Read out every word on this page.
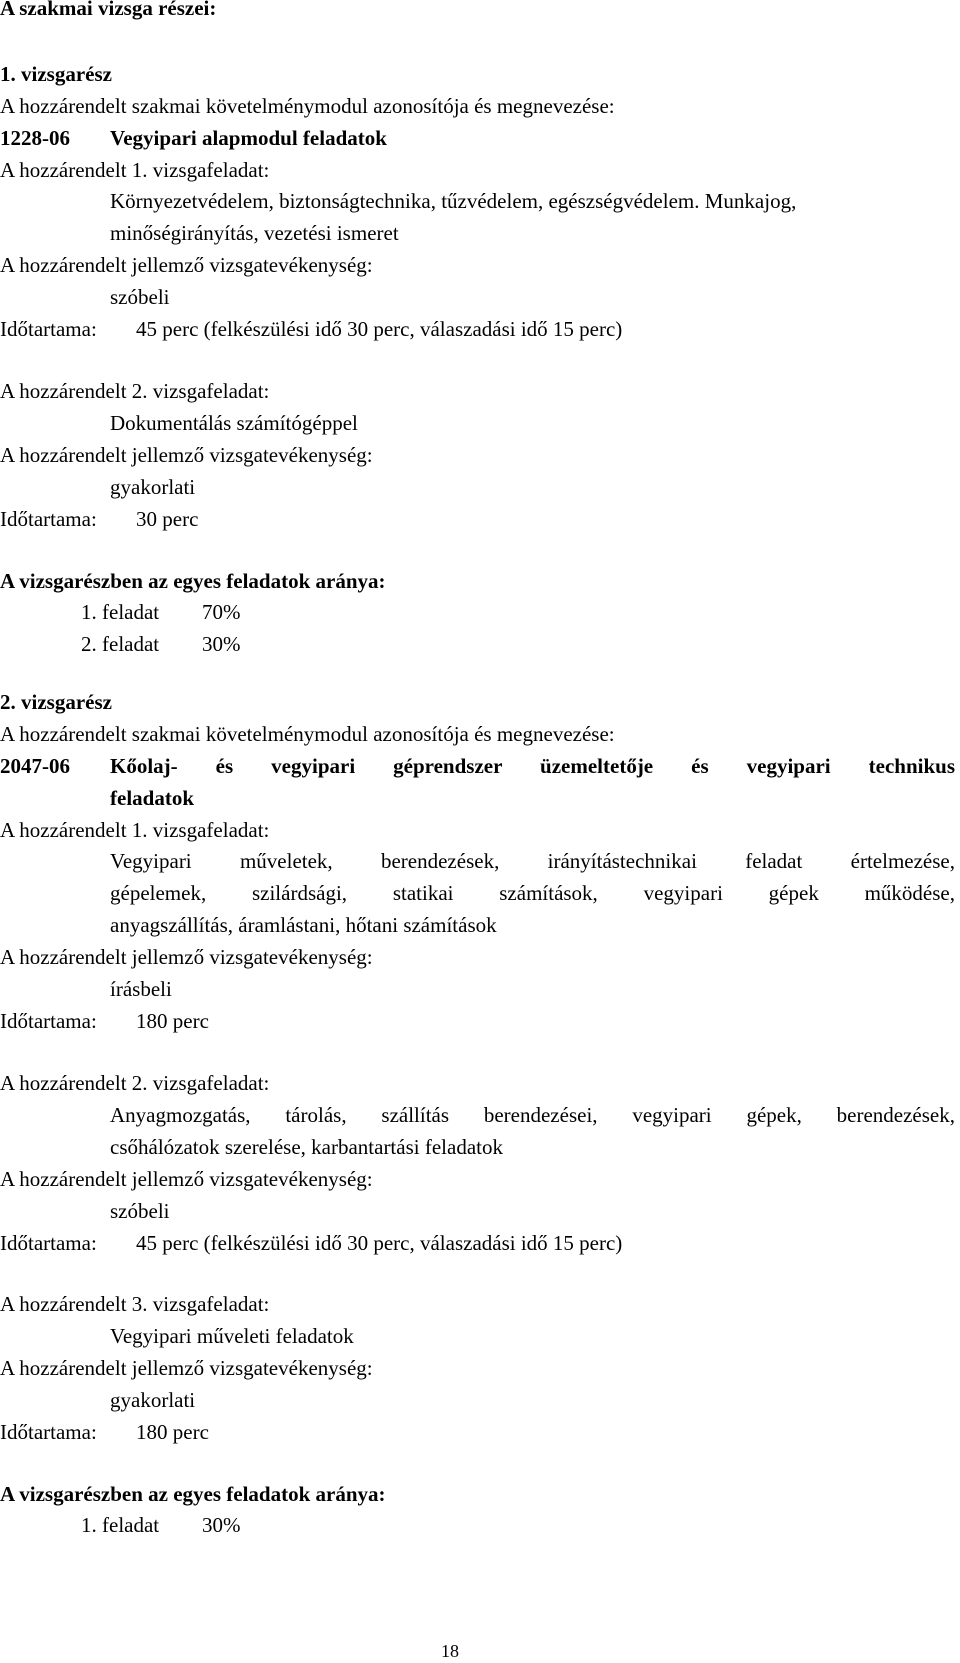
A szakmai vizsga részei:
1. vizsgarész
A hozzárendelt szakmai követelménymodul azonosítója és megnevezése:
1228-06 Vegyipari alapmodul feladatok
A hozzárendelt 1. vizsgafeladat:
Környezetvédelem, biztonságtechnika, tűzvédelem, egészségvédelem. Munkajog,
minőségirányítás, vezetési ismeret
A hozzárendelt jellemző vizsgatevékenység:
szóbeli
Időtartama: 45 perc (felkészülési idő 30 perc, válaszadási idő 15 perc)
A hozzárendelt 2. vizsgafeladat:
Dokumentálás számítógéppel
A hozzárendelt jellemző vizsgatevékenység:
gyakorlati
Időtartama: 30 perc
A vizsgarészben az egyes feladatok aránya:
1. feladat 70%
2. feladat 30%
2. vizsgarész
A hozzárendelt szakmai követelménymodul azonosítója és megnevezése:
2047-06 Kőolaj- és vegyipari géprendszer üzemeltetője és vegyipari technikus
feladatok
A hozzárendelt 1. vizsgafeladat:
Vegyipari műveletek, berendezések, irányítástechnikai feladat értelmezése,
gépelemek, szilárdsági, statikai számítások, vegyipari gépek működése,
anyagszállítás, áramlástani, hőtani számítások
A hozzárendelt jellemző vizsgatevékenység:
írásbeli
Időtartama: 180 perc
A hozzárendelt 2. vizsgafeladat:
Anyagmozgatás, tárolás, szállítás berendezései, vegyipari gépek, berendezések,
csőhálózatok szerelése, karbantartási feladatok
A hozzárendelt jellemző vizsgatevékenység:
szóbeli
Időtartama: 45 perc (felkészülési idő 30 perc, válaszadási idő 15 perc)
A hozzárendelt 3. vizsgafeladat:
Vegyipari műveleti feladatok
A hozzárendelt jellemző vizsgatevékenység:
gyakorlati
Időtartama: 180 perc
A vizsgarészben az egyes feladatok aránya:
1. feladat 30%
18
